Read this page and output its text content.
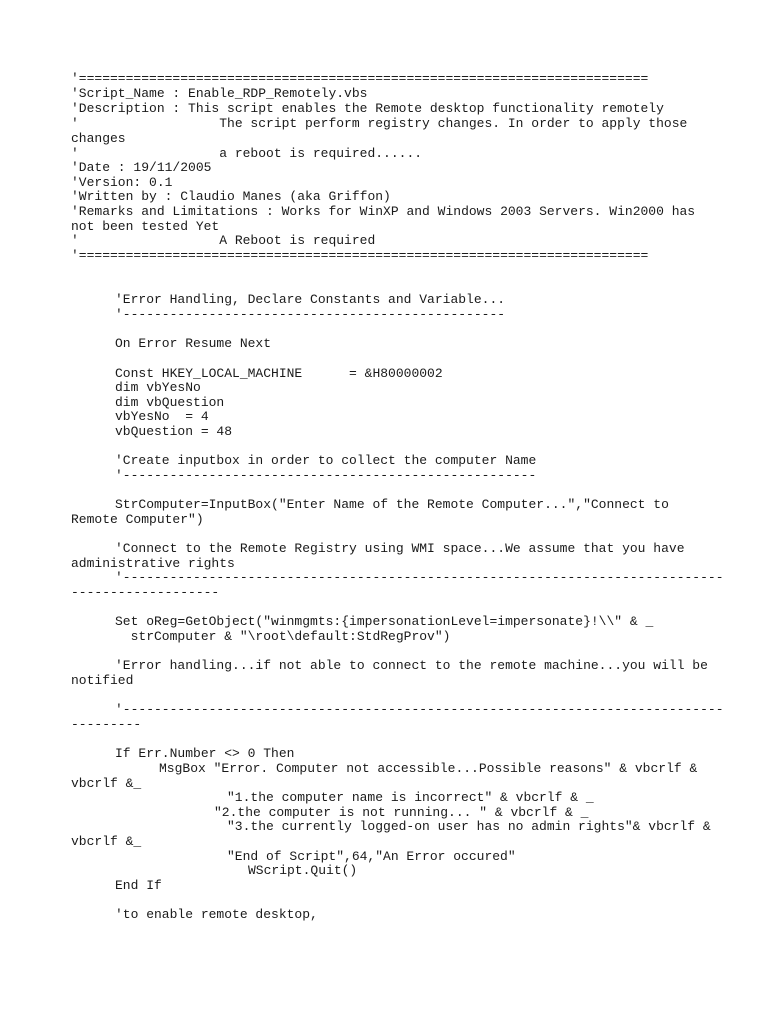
'=========================================================================
'Script_Name : Enable_RDP_Remotely.vbs
'Description : This script enables the Remote desktop functionality remotely
'                  The script perform registry changes. In order to apply those
changes
'                  a reboot is required......
'Date : 19/11/2005
'Version: 0.1
'Written by : Claudio Manes (aka Griffon)
'Remarks and Limitations : Works for WinXP and Windows 2003 Servers. Win2000 has
not been tested Yet
'                  A Reboot is required
'=========================================================================
'Error Handling, Declare Constants and Variable...
'-------------------------------------------------
On Error Resume Next
Const HKEY_LOCAL_MACHINE      = &H80000002
dim vbYesNo
dim vbQuestion
vbYesNo  = 4
vbQuestion = 48
'Create inputbox in order to collect the computer Name
'-----------------------------------------------------
StrComputer=InputBox("Enter Name of the Remote Computer...","Connect to
Remote Computer")
'Connect to the Remote Registry using WMI space...We assume that you have
administrative rights
'-----------------------------------------------------------------------------
-------------------
Set oReg=GetObject("winmgmts:{impersonationLevel=impersonate}!\\" & _
strComputer & "\root\default:StdRegProv")
'Error handling...if not able to connect to the remote machine...you will be
notified
'-----------------------------------------------------------------------------
---------
If Err.Number <> 0 Then
MsgBox "Error. Computer not accessible...Possible reasons" & vbcrlf &
vbcrlf &_
"1.the computer name is incorrect" & vbcrlf & _
"2.the computer is not running... " & vbcrlf & _
"3.the currently logged-on user has no admin rights"& vbcrlf &
vbcrlf &_
"End of Script",64,"An Error occured"
WScript.Quit()
End If
'to enable remote desktop,
